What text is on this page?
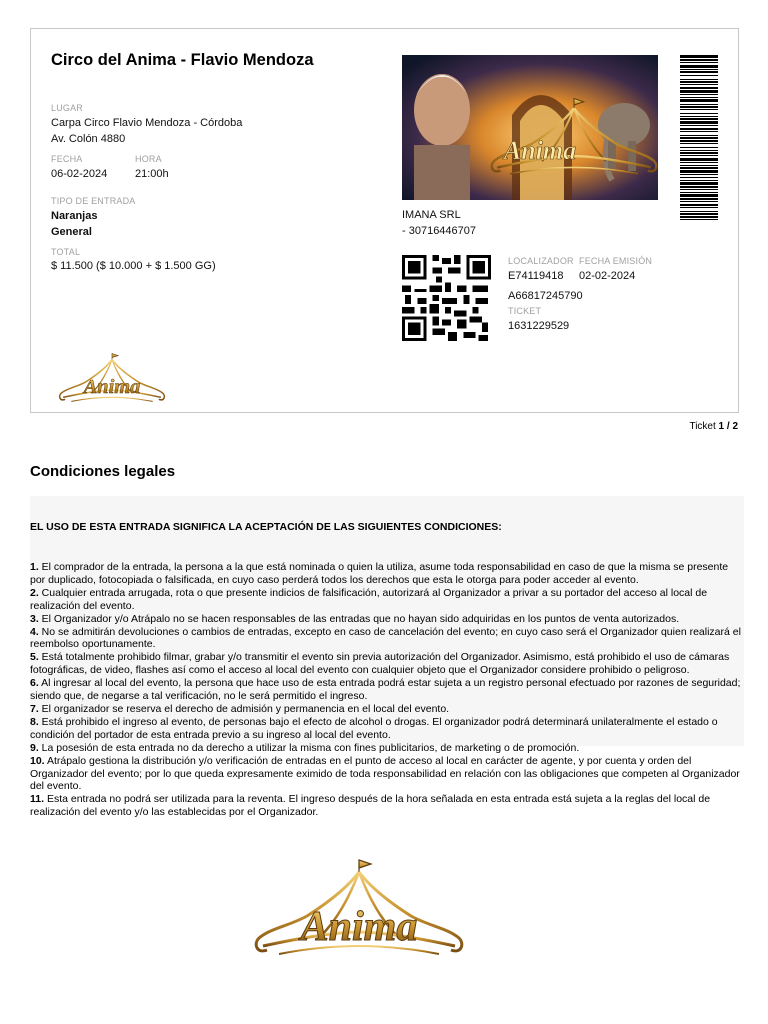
Circo del Anima - Flavio Mendoza
LUGAR
Carpa Circo Flavio Mendoza - Córdoba
Av. Colón 4880
FECHA
06-02-2024
HORA
21:00h
TIPO DE ENTRADA
Naranjas
General
TOTAL
$ 11.500 ($ 10.000 + $ 1.500 GG)
Anima
IMANA SRL
- 30716446707
LOCALIZADOR FECHA EMISIÓN
E74119418 02-02-2024
A66817245790
TICKET
1631229529
Anima
Ticket 1 / 2
Condiciones legales
EL USO DE ESTA ENTRADA SIGNIFICA LA ACEPTACIÓN DE LAS SIGUIENTES CONDICIONES:

1. El comprador de la entrada, la persona a la que está nominada o quien la utiliza, asume toda responsabilidad en caso de que la misma se presente por duplicado, fotocopiada o falsificada, en cuyo caso perderá todos los derechos que esta le otorga para poder acceder al evento.

2. Cualquier entrada arrugada, rota o que presente indicios de falsificación, autorizará al Organizador a privar a su portador del acceso al local de realización del evento.

3. El Organizador y/o Atrápalo no se hacen responsables de las entradas que no hayan sido adquiridas en los puntos de venta autorizados.

4. No se admitirán devoluciones o cambios de entradas, excepto en caso de cancelación del evento; en cuyo caso será el Organizador quien realizará el reembolso oportunamente.

5. Está totalmente prohibido filmar, grabar y/o transmitir el evento sin previa autorización del Organizador. Asimismo, está prohibido el uso de cámaras fotográficas, de video, flashes así como el acceso al local del evento con cualquier objeto que el Organizador considere prohibido o peligroso.

6. Al ingresar al local del evento, la persona que hace uso de esta entrada podrá estar sujeta a un registro personal efectuado por razones de seguridad; siendo que, de negarse a tal verificación, no le será permitido el ingreso.

7. El organizador se reserva el derecho de admisión y permanencia en el local del evento.

8. Está prohibido el ingreso al evento, de personas bajo el efecto de alcohol o drogas. El organizador podrá determinará unilateralmente el estado o condición del portador de esta entrada previo a su ingreso al local del evento.

9. La posesión de esta entrada no da derecho a utilizar la misma con fines publicitarios, de marketing o de promoción.

10. Atrápalo gestiona la distribución y/o verificación de entradas en el punto de acceso al local en carácter de agente, y por cuenta y orden del Organizador del evento; por lo que queda expresamente eximido de toda responsabilidad en relación con las obligaciones que competen al Organizador del evento.

11. Esta entrada no podrá ser utilizada para la reventa. El ingreso después de la hora señalada en esta entrada está sujeta a la reglas del local de realización del evento y/o las establecidas por el Organizador.

Anima
